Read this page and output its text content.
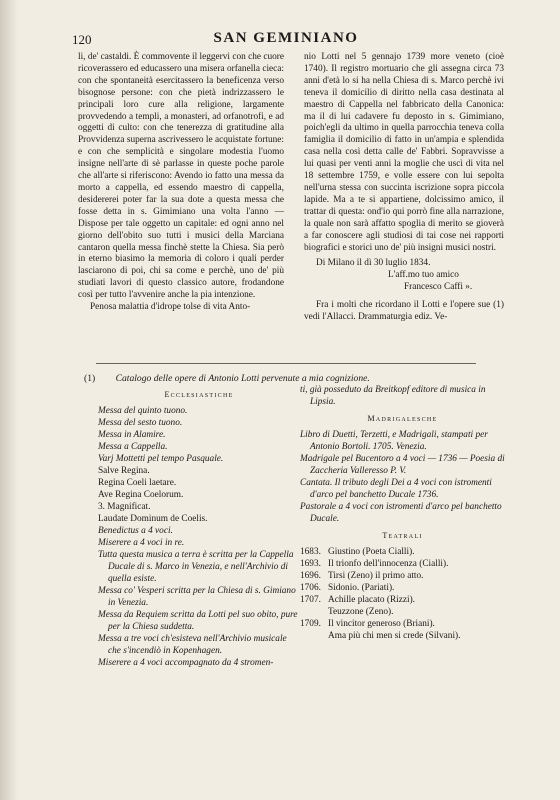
120	SAN GEMINIANO

li, de' castaldi. È commovente il leggervi con che cuore ricoverassero ed educassero una misera orfanella cieca: con che spontaneità esercitassero la beneficenza verso bisognose persone: con che pietà indrizzassero le principali loro cure alla religione, largamente provvedendo a templi, a monasteri, ad orfanotrofi, e ad oggetti di culto: con che tenerezza di gratitudine alla Provvidenza superna ascrivessero le acquistate fortune: e con che semplicità e singolare modestia l'uomo insigne nell'arte di sè parlasse in queste poche parole che all'arte si riferiscono: Avendo io fatto una messa da morto a cappella, ed essendo maestro di cappella, desidererei poter far la sua dote a questa messa che fosse detta in s. Gimimiano una volta l'anno — Dispose per tale oggetto un capitale: ed ogni anno nel giorno dell'obito suo tutti i musici della Marciana cantaron quella messa finchè stette la Chiesa. Sia però in eterno biasimo la memoria di coloro i quali perder lasciarono di poi, chi sa come e perchè, uno de' più studiati lavori di questo classico autore, frodandone così per tutto l'avvenire anche la pia intenzione.

Penosa malattia d'idrope tolse di vita Anto-

nio Lotti nel 5 gennajo 1739 more veneto (cioè 1740). Il registro mortuario che gli assegna circa 73 anni d'età lo si ha nella Chiesa di s. Marco perchè ivi teneva il domicilio di diritto nella casa destinata al maestro di Cappella nel fabbricato della Canonica: ma il di lui cadavere fu deposto in s. Gimimiano, poich'egli da ultimo in quella parrocchia teneva colla famiglia il domicilio di fatto in un'ampia e splendida casa nella così detta calle de' Fabbri. Sopravvisse a lui quasi per venti anni la moglie che uscì di vita nel 18 settembre 1759, e volle essere con lui sepolta nell'urna stessa con succinta iscrizione sopra piccola lapide. Ma a te si appartiene, dolcissimo amico, il trattar di questa: ond'io qui porrò fine alla narrazione, la quale non sarà affatto spoglia di merito se gioverà a far conoscere agli studiosi di tai cose nei rapporti biografici e storici uno de' più insigni musici nostri.

Di Milano il dì 30 luglio 1834.
L'aff.mo tuo amico
Francesco Caffi ».

Fra i molti che ricordano il Lotti e l'opere sue (1) vedi l'Allacci. Drammaturgia ediz. Ve-

(1) Catalogo delle opere di Antonio Lotti pervenute a mia cognizione.
Ecclesiastiche
Messa del quinto tuono.
Messa del sesto tuono.
Messa in Alamire.
Messa a Cappella.
Varj Mottetti pel tempo Pasquale.
Salve Regina.
Regina Coeli laetare.
Ave Regina Coelorum.
3. Magnificat.
Laudate Dominum de Coelis.
Benedictus a 4 voci.
Miserere a 4 voci in re.
Tutta questa musica a terra è scritta per la Cappella Ducale di s. Marco in Venezia, e nell'Archivio di quella esiste.
Messa co' Vesperi scritta per la Chiesa di s. Gimiano in Venezia.
Messa da Requiem scritta da Lotti pel suo obito, pure per la Chiesa suddetta.
Messa a tre voci ch'esisteva nell'Archivio musicale che s'incendiò in Kopenhagen.
Miserere a 4 voci accompagnato da 4 stromen-
ti, già posseduto da Breitkopf editore di musica in Lipsia.
Madrigalesche
Libro di Duetti, Terzetti, e Madrigali, stampati per Antonio Bortoli. 1705. Venezia.
Madrigale pel Bucentoro a 4 voci — 1736 — Poesia di Zaccheria Valleresso P. V.
Cantata. Il tributo degli Dei a 4 voci con istromenti d'arco pel banchetto Ducale 1736.
Pastorale a 4 voci con istromenti d'arco pel banchetto Ducale.
Teatrali
1683. Giustino (Poeta Cialli).
1693. Il trionfo dell'innocenza (Cialli).
1696. Tirsi (Zeno) il primo atto.
1706. Sidonio. (Pariati).
1707. Achille placato (Rizzi).
Teuzzone (Zeno).
1709. Il vincitor generoso (Briani).
Ama più chi men si crede (Silvani).
